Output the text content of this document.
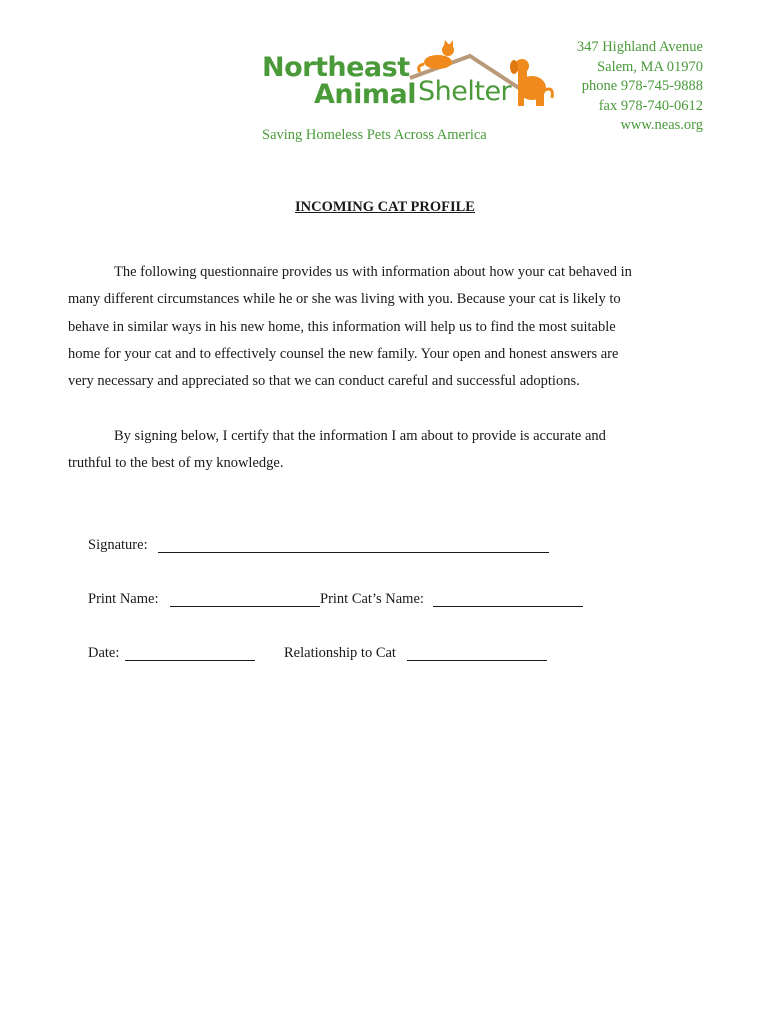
Northeast
Animal Shelter
Saving Homeless Pets Across America
347 Highland Avenue
Salem, MA 01970
phone 978-745-9888
fax 978-740-0612
www.neas.org
INCOMING CAT PROFILE
The following questionnaire provides us with information about how your cat behaved in
many different circumstances while he or she was living with you. Because your cat is likely to
behave in similar ways in his new home, this information will help us to find the most suitable
home for your cat and to effectively counsel the new family. Your open and honest answers are
very necessary and appreciated so that we can conduct careful and successful adoptions.
By signing below, I certify that the information I am about to provide is accurate and
truthful to the best of my knowledge.
Signature:
Print Name:	Print Cat’s Name:
Date:	Relationship to Cat
